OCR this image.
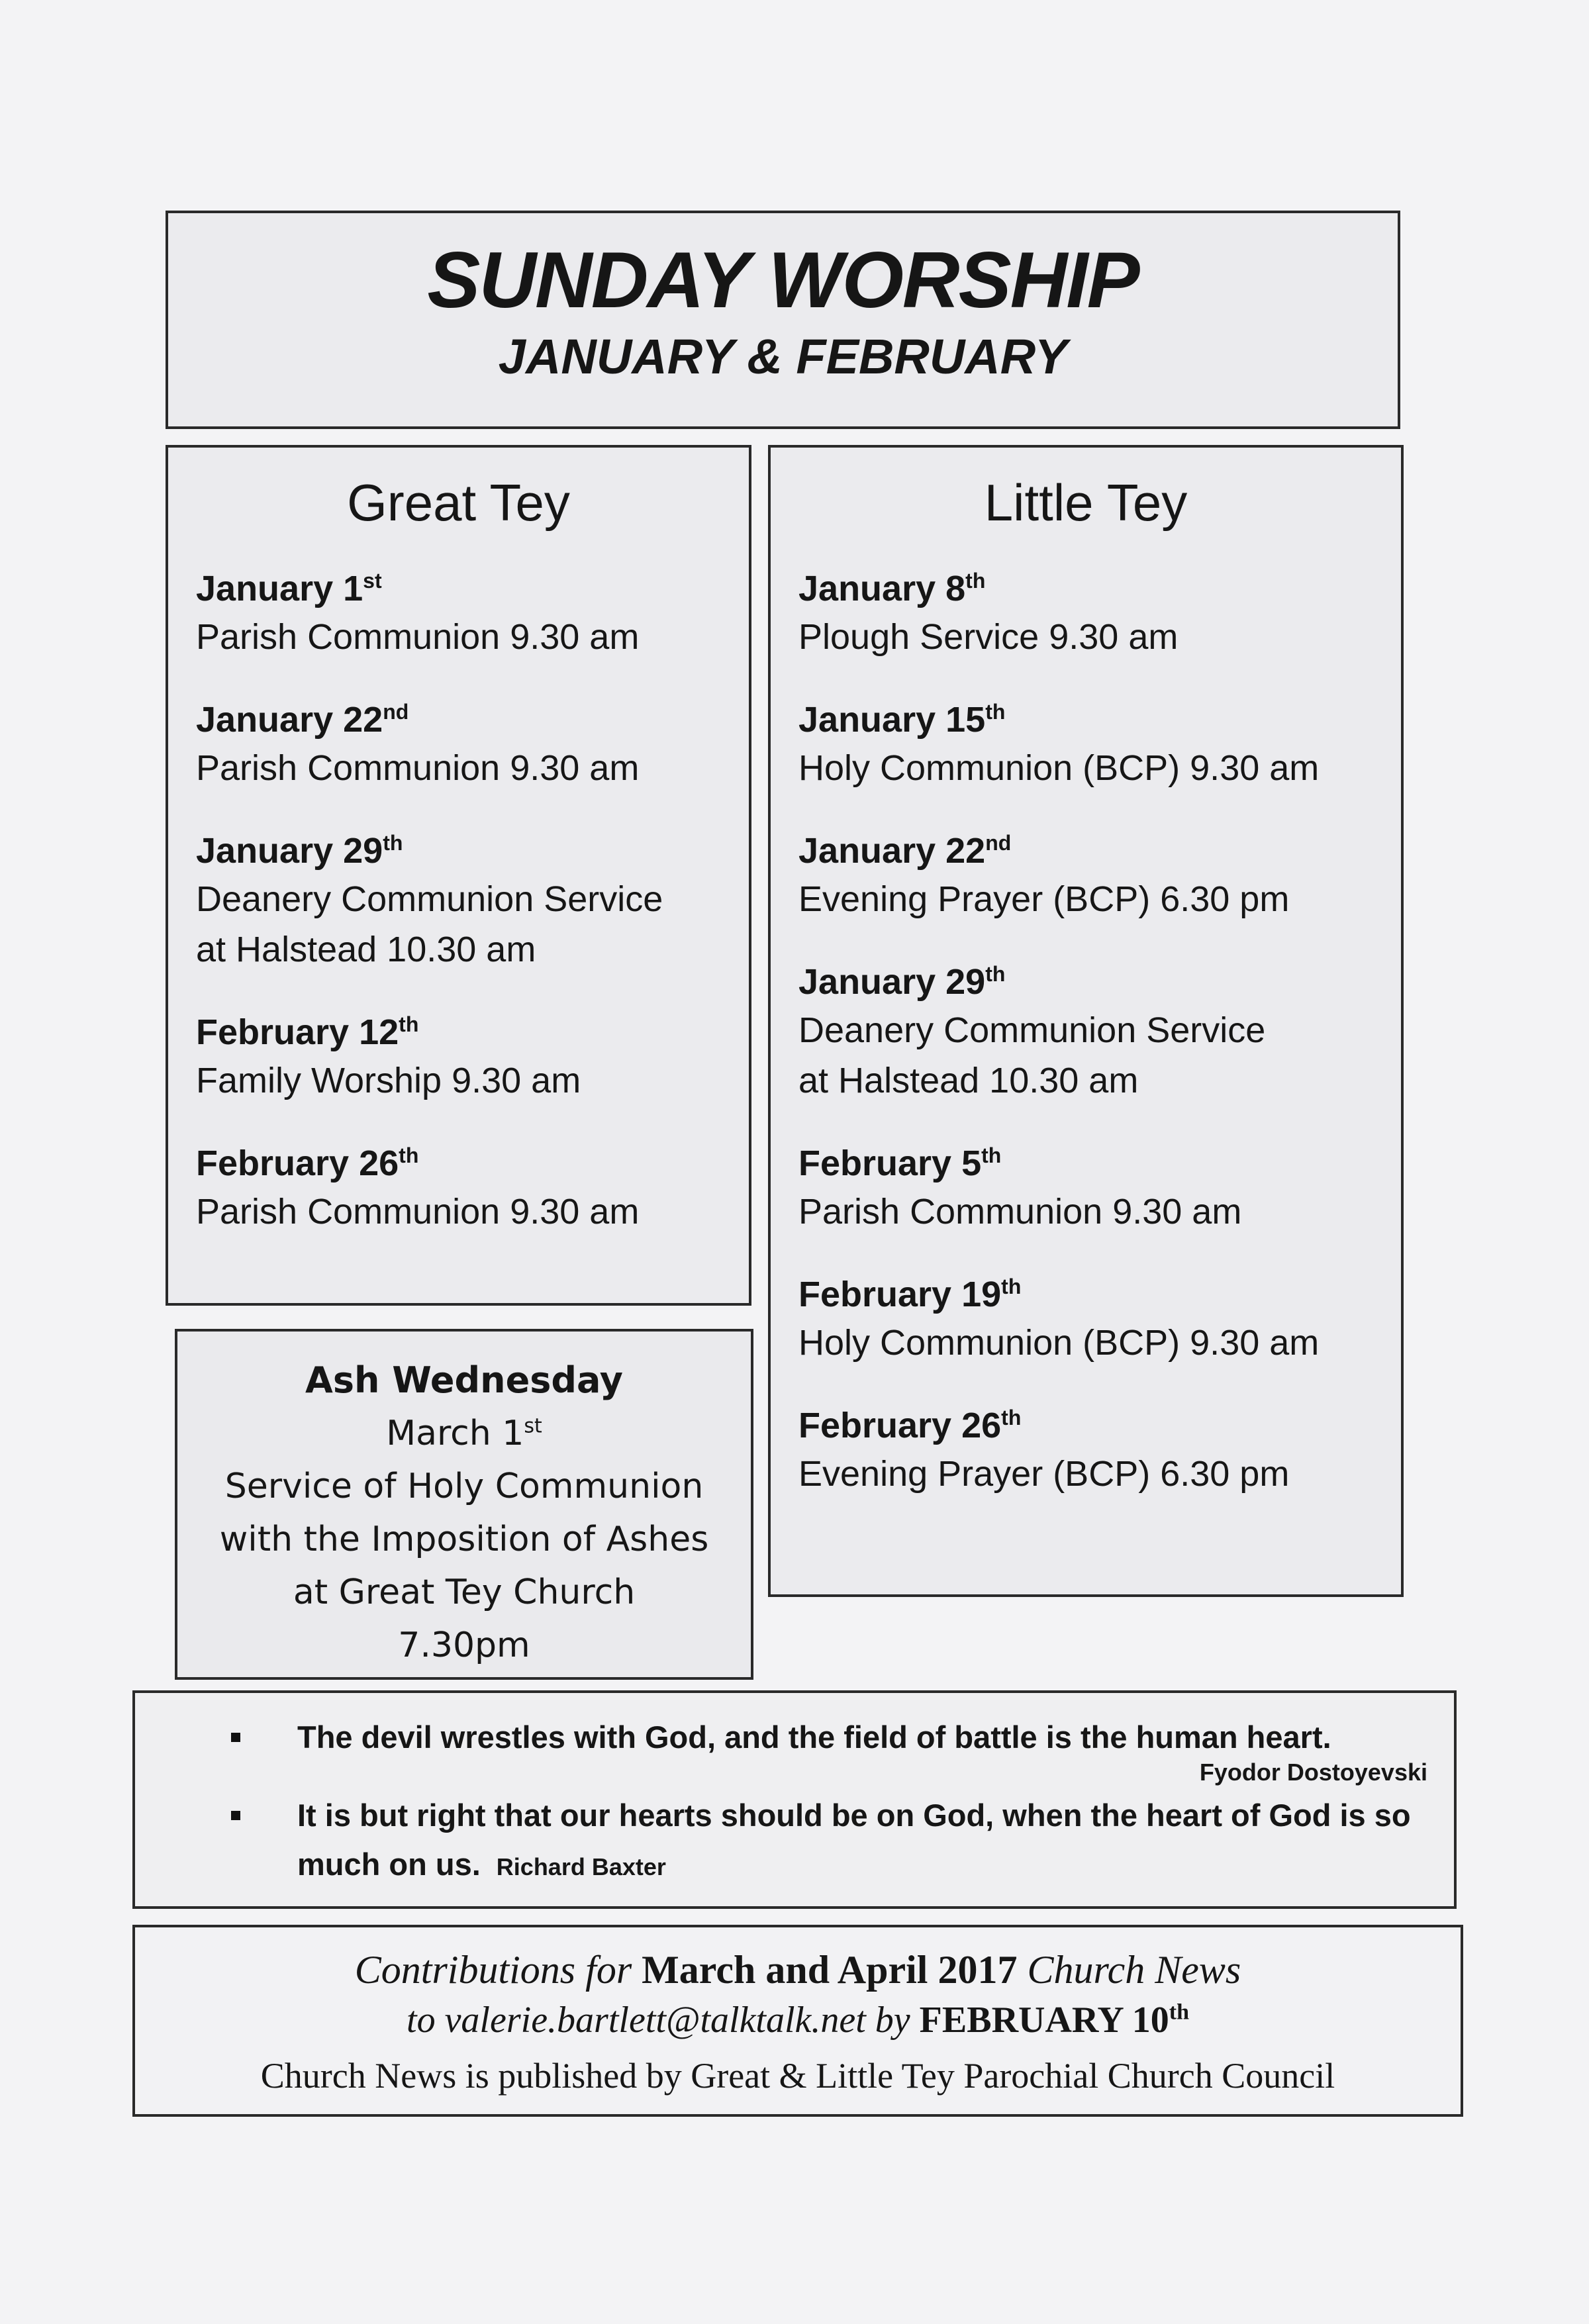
SUNDAY WORSHIP
JANUARY & FEBRUARY
Great Tey
January 1st
Parish Communion 9.30 am
January 22nd
Parish Communion 9.30 am
January 29th
Deanery Communion Service
at Halstead 10.30 am
February 12th
Family Worship 9.30 am
February 26th
Parish Communion 9.30 am
Little Tey
January 8th
Plough Service 9.30 am
January 15th
Holy Communion (BCP) 9.30 am
January 22nd
Evening Prayer (BCP) 6.30 pm
January 29th
Deanery Communion Service
at Halstead 10.30 am
February 5th
Parish Communion 9.30 am
February 19th
Holy Communion (BCP) 9.30 am
February 26th
Evening Prayer (BCP) 6.30 pm
Ash Wednesday
March 1st
Service of Holy Communion
with the Imposition of Ashes
at Great Tey Church
7.30pm
The devil wrestles with God, and the field of battle is the human heart.
Fyodor Dostoyevski
It is but right that our hearts should be on God, when the heart of God is so much on us. Richard Baxter
Contributions for March and April 2017 Church News
to valerie.bartlett@talktalk.net by FEBRUARY 10th
Church News is published by Great & Little Tey Parochial Church Council
